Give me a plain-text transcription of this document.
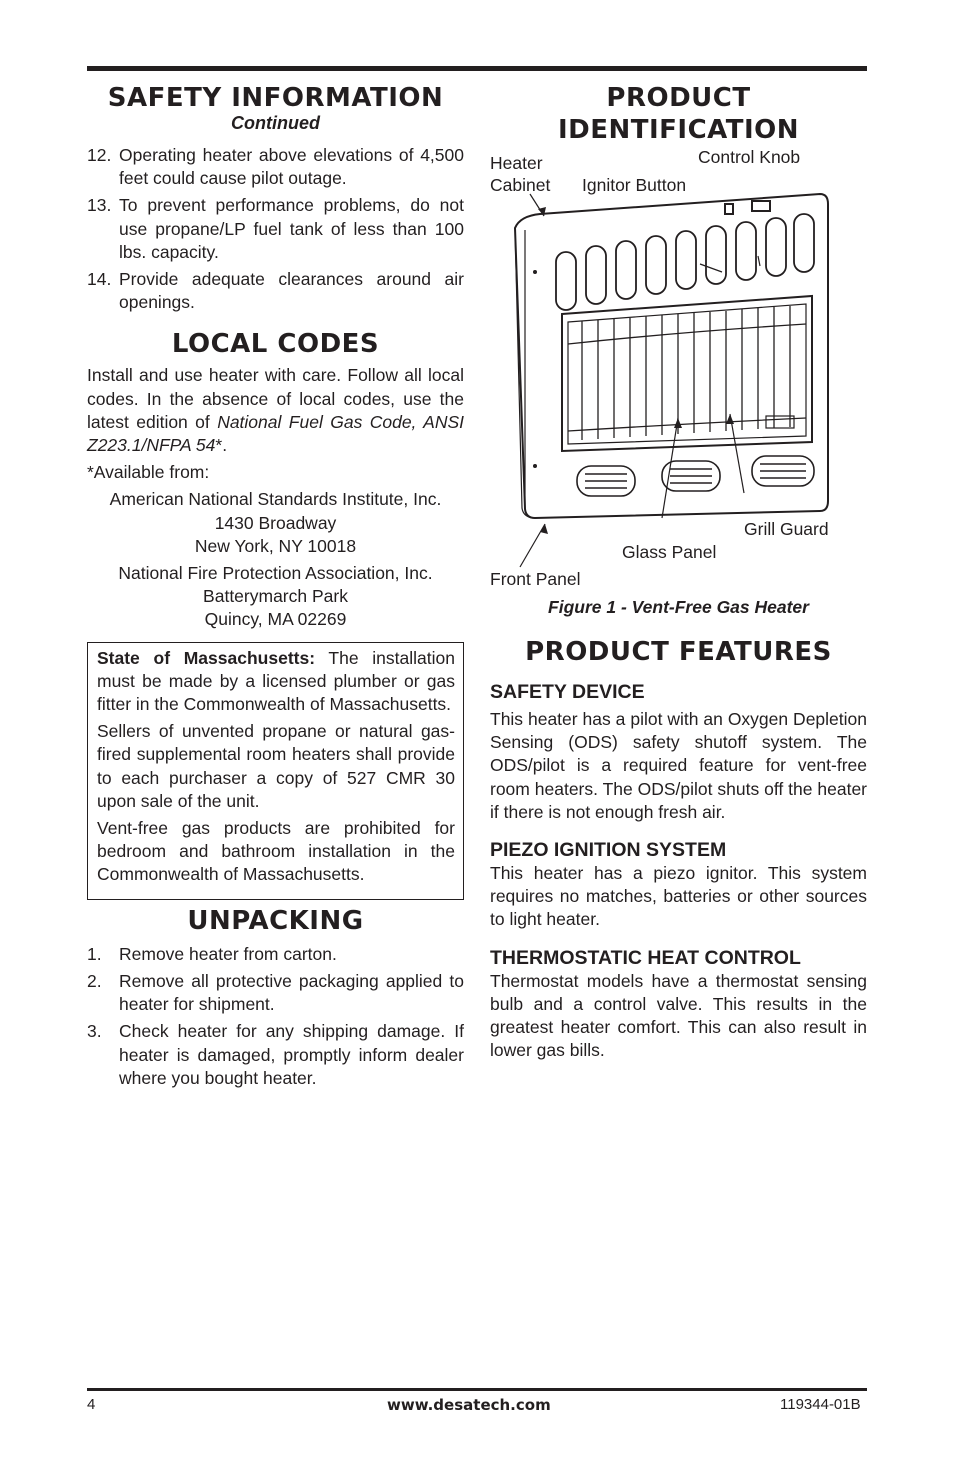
SAFETY INFORMATION
Continued
12. Operating heater above elevations of 4,500 feet could cause pilot outage.
13. To prevent performance problems, do not use propane/LP fuel tank of less than 100 lbs. capacity.
14. Provide adequate clearances around air openings.
LOCAL CODES

Install and use heater with care. Follow all local codes. In the absence of local codes, use the latest edition of National Fuel Gas Code, ANSI Z223.1/NFPA 54*.

*Available from:

American National Standards Institute, Inc.

1430 Broadway

New York, NY 10018

National Fire Protection Association, Inc.

Batterymarch Park

Quincy, MA 02269

State of Massachusetts: The installation must be made by a licensed plumber or gas fitter in the Commonwealth of Massachusetts.

Sellers of unvented propane or natural gas-fired supplemental room heaters shall provide to each purchaser a copy of 527 CMR 30 upon sale of the unit.

Vent-free gas products are prohibited for bedroom and bathroom installation in the Commonwealth of Massachusetts.

UNPACKING
1. Remove heater from carton.
2. Remove all protective packaging applied to heater for shipment.
3. Check heater for any shipping damage. If heater is damaged, promptly inform dealer where you bought heater.
PRODUCT
IDENTIFICATION
Heater
Cabinet
Control Knob
Ignitor Button
Grill Guard
Glass Panel
Front Panel
Figure 1 - Vent-Free Gas Heater
PRODUCT FEATURES
SAFETY DEVICE

This heater has a pilot with an Oxygen Depletion Sensing (ODS) safety shutoff system. The ODS/pilot is a required feature for vent-free room heaters. The ODS/pilot shuts off the heater if there is not enough fresh air.

PIEZO IGNITION SYSTEM

This heater has a piezo ignitor. This system requires no matches, batteries or other sources to light heater.

THERMOSTATIC HEAT CONTROL

Thermostat models have a thermostat sensing bulb and a control valve. This results in the greatest heater comfort. This can also result in lower gas bills.

4	www.desatech.com	119344-01B
